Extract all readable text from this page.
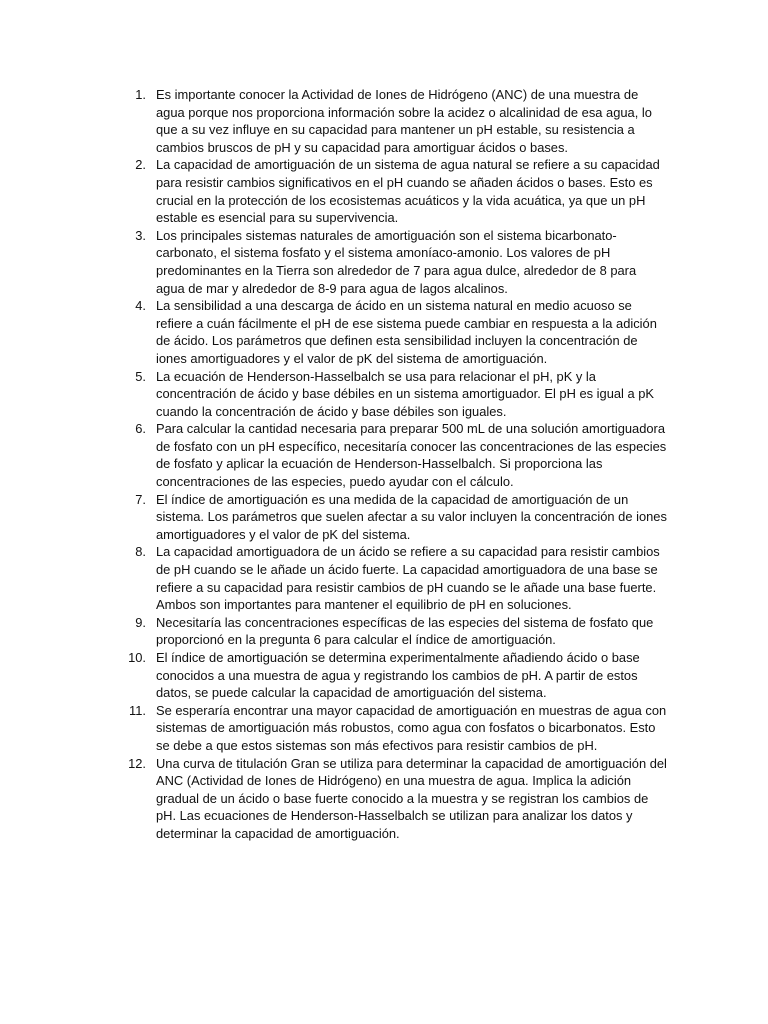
1. Es importante conocer la Actividad de Iones de Hidrógeno (ANC) de una muestra de agua porque nos proporciona información sobre la acidez o alcalinidad de esa agua, lo que a su vez influye en su capacidad para mantener un pH estable, su resistencia a cambios bruscos de pH y su capacidad para amortiguar ácidos o bases.
2. La capacidad de amortiguación de un sistema de agua natural se refiere a su capacidad para resistir cambios significativos en el pH cuando se añaden ácidos o bases. Esto es crucial en la protección de los ecosistemas acuáticos y la vida acuática, ya que un pH estable es esencial para su supervivencia.
3. Los principales sistemas naturales de amortiguación son el sistema bicarbonato-carbonato, el sistema fosfato y el sistema amoníaco-amonio. Los valores de pH predominantes en la Tierra son alrededor de 7 para agua dulce, alrededor de 8 para agua de mar y alrededor de 8-9 para agua de lagos alcalinos.
4. La sensibilidad a una descarga de ácido en un sistema natural en medio acuoso se refiere a cuán fácilmente el pH de ese sistema puede cambiar en respuesta a la adición de ácido. Los parámetros que definen esta sensibilidad incluyen la concentración de iones amortiguadores y el valor de pK del sistema de amortiguación.
5. La ecuación de Henderson-Hasselbalch se usa para relacionar el pH, pK y la concentración de ácido y base débiles en un sistema amortiguador. El pH es igual a pK cuando la concentración de ácido y base débiles son iguales.
6. Para calcular la cantidad necesaria para preparar 500 mL de una solución amortiguadora de fosfato con un pH específico, necesitaría conocer las concentraciones de las especies de fosfato y aplicar la ecuación de Henderson-Hasselbalch. Si proporciona las concentraciones de las especies, puedo ayudar con el cálculo.
7. El índice de amortiguación es una medida de la capacidad de amortiguación de un sistema. Los parámetros que suelen afectar a su valor incluyen la concentración de iones amortiguadores y el valor de pK del sistema.
8. La capacidad amortiguadora de un ácido se refiere a su capacidad para resistir cambios de pH cuando se le añade un ácido fuerte. La capacidad amortiguadora de una base se refiere a su capacidad para resistir cambios de pH cuando se le añade una base fuerte. Ambos son importantes para mantener el equilibrio de pH en soluciones.
9. Necesitaría las concentraciones específicas de las especies del sistema de fosfato que proporcionó en la pregunta 6 para calcular el índice de amortiguación.
10. El índice de amortiguación se determina experimentalmente añadiendo ácido o base conocidos a una muestra de agua y registrando los cambios de pH. A partir de estos datos, se puede calcular la capacidad de amortiguación del sistema.
11. Se esperaría encontrar una mayor capacidad de amortiguación en muestras de agua con sistemas de amortiguación más robustos, como agua con fosfatos o bicarbonatos. Esto se debe a que estos sistemas son más efectivos para resistir cambios de pH.
12. Una curva de titulación Gran se utiliza para determinar la capacidad de amortiguación del ANC (Actividad de Iones de Hidrógeno) en una muestra de agua. Implica la adición gradual de un ácido o base fuerte conocido a la muestra y se registran los cambios de pH. Las ecuaciones de Henderson-Hasselbalch se utilizan para analizar los datos y determinar la capacidad de amortiguación.
